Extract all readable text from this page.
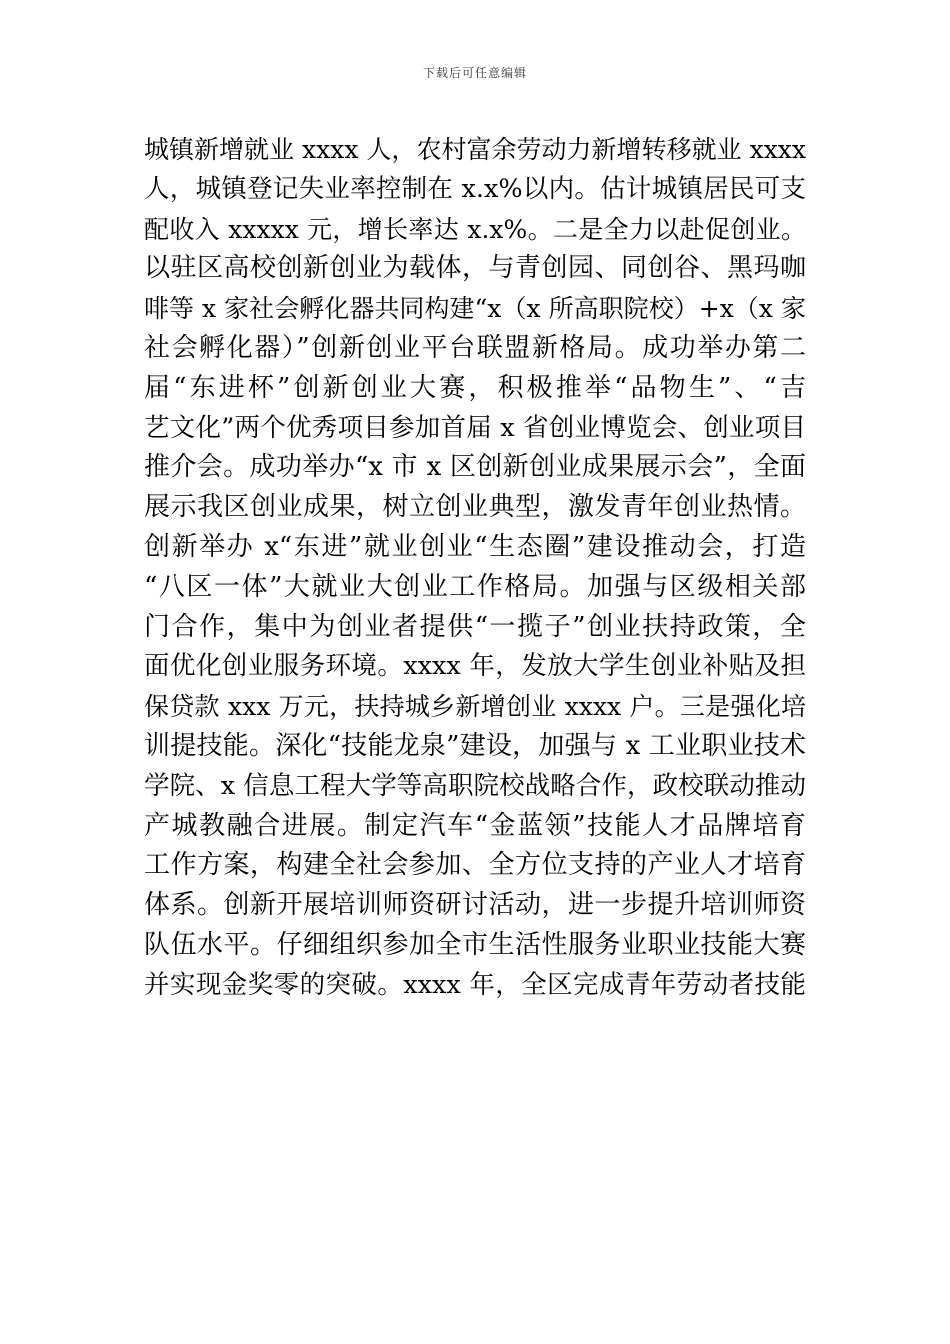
下载后可任意编辑
城镇新增就业 xxxx 人，农村富余劳动力新增转移就业 xxxx
人，城镇登记失业率控制在 x.x%以内。估计城镇居民可支
配收入 xxxxx 元，增长率达 x.x%。二是全力以赴促创业。
以驻区高校创新创业为载体，与青创园、同创谷、黑玛咖
啡等 x 家社会孵化器共同构建“x（x 所高职院校）+x（x 家
社会孵化器）”创新创业平台联盟新格局。成功举办第二
届“东进杯”创新创业大赛，积极推举“品物生”、“吉
艺文化”两个优秀项目参加首届 x 省创业博览会、创业项目
推介会。成功举办“x 市 x 区创新创业成果展示会”，全面
展示我区创业成果，树立创业典型，激发青年创业热情。
创新举办 x“东进”就业创业“生态圈”建设推动会，打造
“八区一体”大就业大创业工作格局。加强与区级相关部
门合作，集中为创业者提供“一揽子”创业扶持政策，全
面优化创业服务环境。xxxx 年，发放大学生创业补贴及担
保贷款 xxx 万元，扶持城乡新增创业 xxxx 户。三是强化培
训提技能。深化“技能龙泉”建设，加强与 x 工业职业技术
学院、x 信息工程大学等高职院校战略合作，政校联动推动
产城教融合进展。制定汽车“金蓝领”技能人才品牌培育
工作方案，构建全社会参加、全方位支持的产业人才培育
体系。创新开展培训师资研讨活动，进一步提升培训师资
队伍水平。仔细组织参加全市生活性服务业职业技能大赛
并实现金奖零的突破。xxxx 年，全区完成青年劳动者技能
